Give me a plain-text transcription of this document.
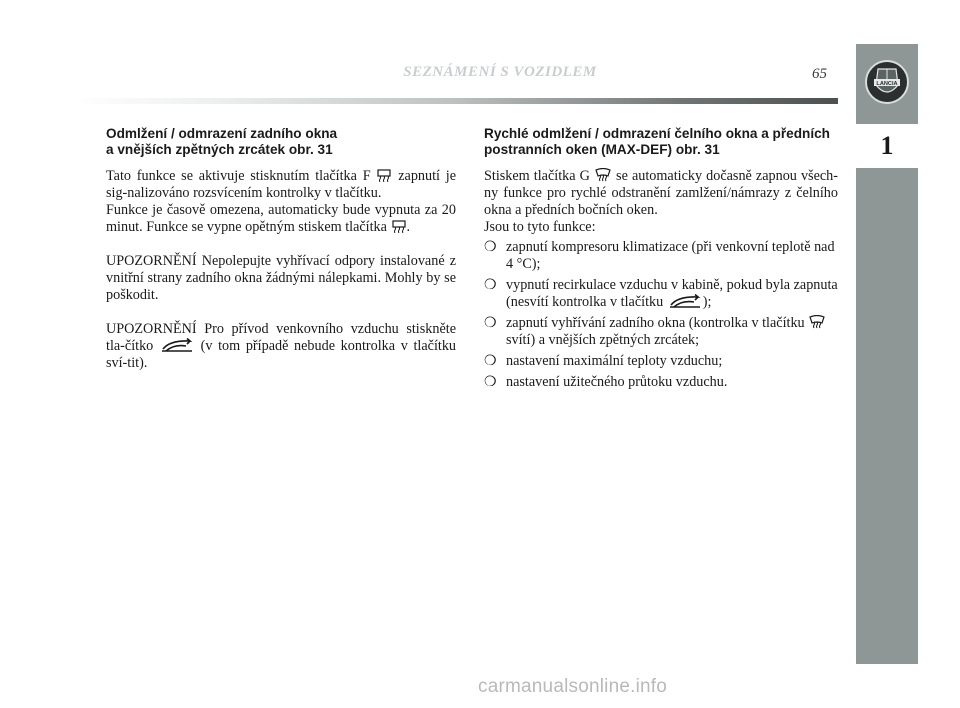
SEZNÁMENÍ S VOZIDLEM	65
LANCIA
1
Odmlžení / odmrazení zadního okna
a vnějších zpětných zrcátek obr. 31

Tato funkce se aktivuje stisknutím tlačítka F zapnutí je sig-nalizováno rozsvícením kontrolky v tlačítku.

Funkce je časově omezena, automaticky bude vypnuta za 20 minut. Funkce se vypne opětným stiskem tlačítka .

UPOZORNĚNÍ Nepolepujte vyhřívací odpory instalované z vnitřní strany zadního okna žádnými nálepkami. Mohly by se poškodit.

UPOZORNĚNÍ Pro přívod venkovního vzduchu stiskněte tla-čítko	(v tom případě nebude kontrolka v tlačítku sví-tit).

Rychlé odmlžení / odmrazení čelního okna a předních
postranních oken (MAX-DEF) obr. 31

Stiskem tlačítka G se automaticky dočasně zapnou všech-ny funkce pro rychlé odstranění zamlžení/námrazy z čelního okna a předních bočních oken.

Jsou to tyto funkce:

❍ zapnutí kompresoru klimatizace (při venkovní teplotě nad 4 °C);
❍ vypnutí recirkulace vzduchu v kabině, pokud byla zapnuta (nesvítí kontrolka v tlačítku	);
❍ zapnutí vyhřívání zadního okna (kontrolka v tlačítku  svítí) a vnějších zpětných zrcátek;
❍ nastavení maximální teploty vzduchu;
❍ nastavení užitečného průtoku vzduchu.
carmanualsonline.info
